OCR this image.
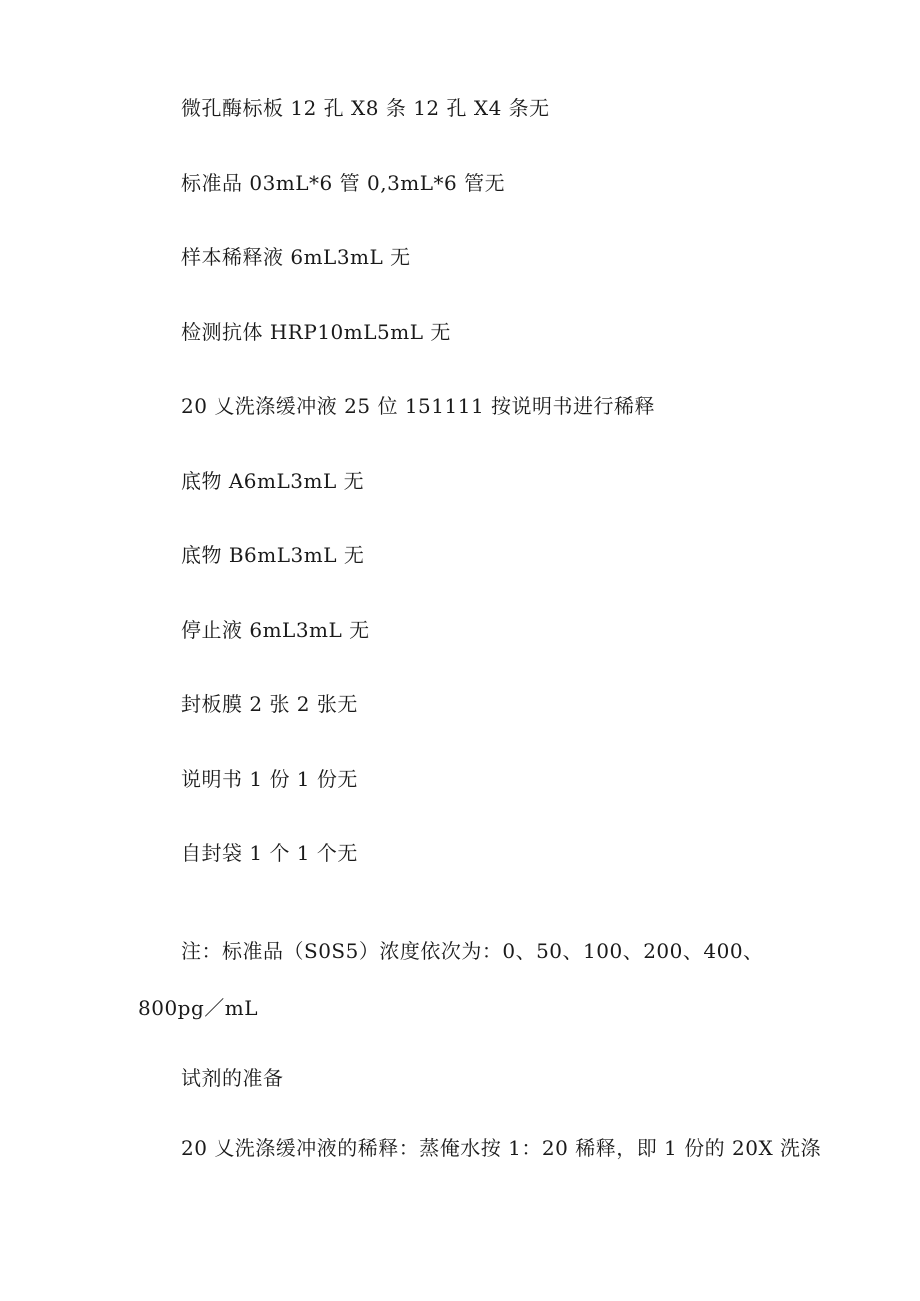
微孔酶标板 12 孔 X8 条 12 孔 X4 条无
标准品 03mL*6 管 0,3mL*6 管无
样本稀释液 6mL3mL 无
检测抗体 HRP10mL5mL 无
20 乂洗涤缓冲液 25 位 151111 按说明书进行稀释
底物 A6mL3mL 无
底物 B6mL3mL 无
停止液 6mL3mL 无
封板膜 2 张 2 张无
说明书 1 份 1 份无
自封袋 1 个 1 个无
注：标准品（S0S5）浓度依次为：0、50、100、200、400、
800pg／mL
试剂的准备
20 乂洗涤缓冲液的稀释：蒸俺水按 1：20 稀释，即 1 份的 20X 洗涤
